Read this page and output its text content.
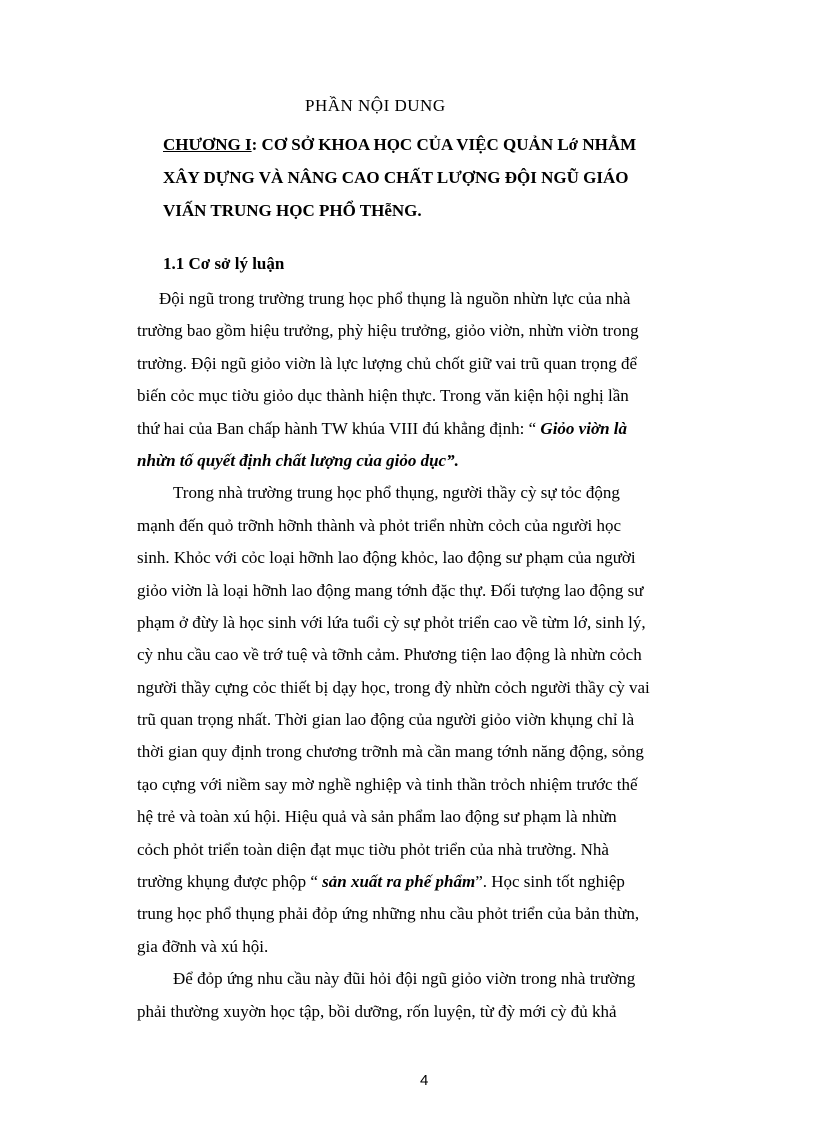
PHẦN NỘI DUNG
CHƯƠNG I: CƠ SỞ KHOA HỌC CỦA VIỆC QUẢN Lớ NHẰM
XÂY DỰNG VÀ NÂNG CAO CHẤT LƯỢNG ĐỘI NGŨ GIÁO
VIẤN TRUNG HỌC PHỔ THễNG.
1.1 Cơ sở lý luận
Đội ngũ trong trường trung học phổ thụng là nguồn nhừn lực của nhà
trường bao gồm hiệu trưởng, phỳ hiệu trưởng, giỏo viờn, nhừn viờn trong
trường. Đội ngũ giỏo viờn là lực lượng chủ chốt giữ vai trũ quan trọng để
biến cỏc mục tiờu giỏo dục thành hiện thực. Trong văn kiện hội nghị lần
thứ hai của Ban chấp hành TW khúa VIII đú khẳng định: “ Giỏo viờn là
nhừn tố quyết định chất lượng của giỏo dục”.
Trong nhà trường trung học phổ thụng, người thầy cỳ sự tỏc động
mạnh đến quỏ trỡnh hỡnh thành và phỏt triển nhừn cỏch của người học
sinh. Khỏc với cỏc loại hỡnh lao động khỏc, lao động sư phạm của người
giỏo viờn là loại hỡnh lao động mang tớnh đặc thự. Đối tượng lao động sư
phạm ở đừy là học sinh với lứa tuổi cỳ sự phỏt triển cao về từm lớ, sinh lý,
cỳ nhu cầu cao về trớ tuệ và tỡnh cảm. Phương tiện lao động là nhừn cỏch
người thầy cựng cỏc thiết bị dạy học, trong đỳ nhừn cỏch người thầy cỳ vai
trũ quan trọng nhất. Thời gian lao động của người giỏo viờn khụng chỉ là
thời gian quy định trong chương trỡnh mà cần mang tớnh năng động, sỏng
tạo cựng với niềm say mờ nghề nghiệp và tinh thần trỏch nhiệm trước thế
hệ trẻ và toàn xú hội. Hiệu quả và sản phẩm lao động sư phạm là nhừn
cỏch phỏt triển toàn diện đạt mục tiờu phỏt triển của nhà trường. Nhà
trường khụng được phộp “ sản xuất ra phế phẩm”. Học sinh tốt nghiệp
trung học phổ thụng phải đỏp ứng những nhu cầu phỏt triển của bản thừn,
gia đỡnh và xú hội.
Để đỏp ứng nhu cầu này đũi hỏi đội ngũ giỏo viờn trong nhà trường
phải thường xuyờn học tập, bồi dưỡng, rốn luyện, từ đỳ mới cỳ đủ khả
4
